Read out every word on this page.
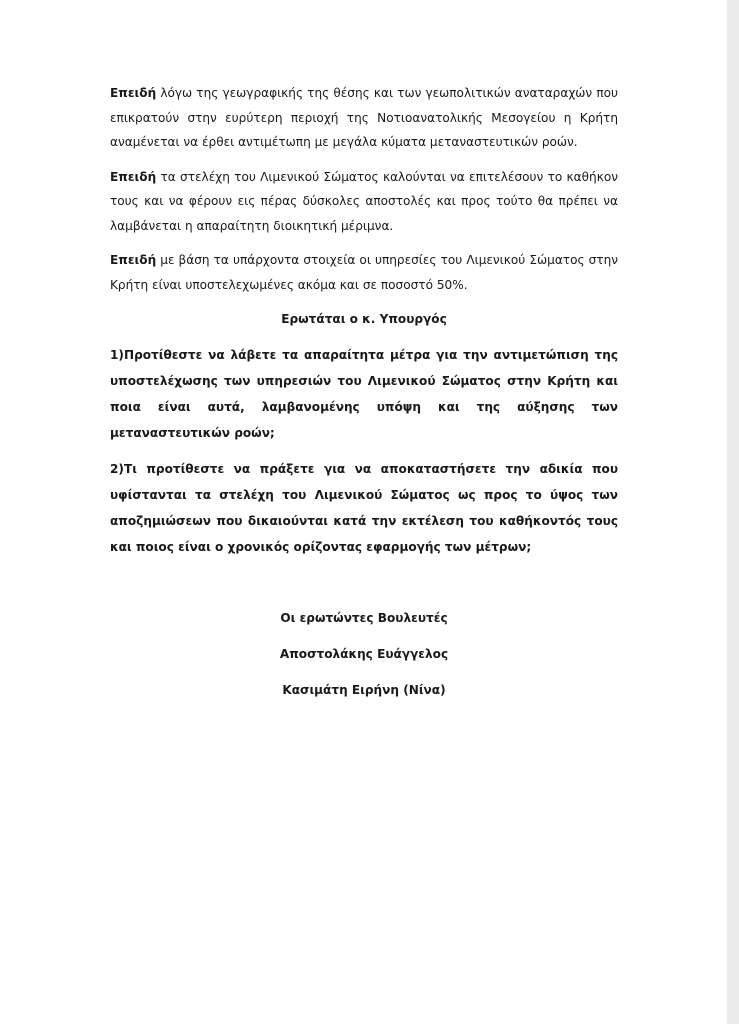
Επειδή λόγω της γεωγραφικής της θέσης και των γεωπολιτικών αναταραχών που επικρατούν στην ευρύτερη περιοχή της Νοτιοανατολικής Μεσογείου η Κρήτη αναμένεται να έρθει αντιμέτωπη με μεγάλα κύματα μεταναστευτικών ροών.

Επειδή τα στελέχη του Λιμενικού Σώματος καλούνται να επιτελέσουν το καθήκον τους και να φέρουν εις πέρας δύσκολες αποστολές και προς τούτο θα πρέπει να λαμβάνεται η απαραίτητη διοικητική μέριμνα.

Επειδή με βάση τα υπάρχοντα στοιχεία οι υπηρεσίες του Λιμενικού Σώματος στην Κρήτη είναι υποστελεχωμένες ακόμα και σε ποσοστό 50%.

Ερωτάται ο κ. Υπουργός

1)Προτίθεστε να λάβετε τα απαραίτητα μέτρα για την αντιμετώπιση της υποστελέχωσης των υπηρεσιών του Λιμενικού Σώματος στην Κρήτη και ποια είναι αυτά, λαμβανομένης υπόψη και της αύξησης των μεταναστευτικών ροών;

2)Τι προτίθεστε να πράξετε για να αποκαταστήσετε την αδικία που υφίστανται τα στελέχη του Λιμενικού Σώματος ως προς το ύψος των αποζημιώσεων που δικαιούνται κατά την εκτέλεση του καθήκοντός τους και ποιος είναι ο χρονικός ορίζοντας εφαρμογής των μέτρων;

Οι ερωτώντες Βουλευτές
Αποστολάκης Ευάγγελος
Κασιμάτη Ειρήνη (Νίνα)
